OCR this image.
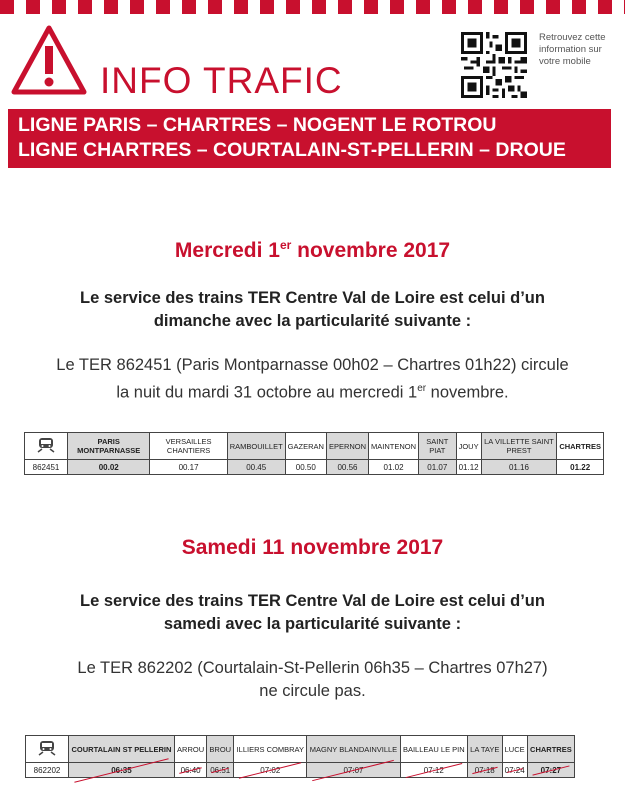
INFO TRAFIC
Retrouvez cette information sur votre mobile
LIGNE PARIS – CHARTRES – NOGENT LE ROTROU
LIGNE CHARTRES – COURTALAIN-ST-PELLERIN – DROUE
Mercredi 1er novembre 2017
Le service des trains TER Centre Val de Loire est celui d’un
dimanche avec la particularité suivante :
Le TER 862451 (Paris Montparnasse 00h02 – Chartres 01h22) circule
la nuit du mardi 31 octobre au mercredi 1er novembre.
	PARIS MONTPARNASSE	VERSAILLES CHANTIERS	RAMBOUILLET	GAZERAN	EPERNON	MAINTENON	SAINT PIAT	JOUY	LA VILLETTE SAINT PREST	CHARTRES
862451	00.02	00.17	00.45	00.50	00.56	01.02	01.07	01.12	01.16	01.22
Samedi 11 novembre 2017
Le service des trains TER Centre Val de Loire est celui d’un
samedi avec la particularité suivante :
Le TER 862202 (Courtalain-St-Pellerin 06h35 – Chartres 07h27)
ne circule pas.
	COURTALAIN ST PELLERIN	ARROU	BROU	ILLIERS COMBRAY	MAGNY BLANDAINVILLE	BAILLEAU LE PIN	LA TAYE	LUCE	CHARTRES
862202	06:35	06:40	06:51	07:02	07:07	07:12	07:18	07:24	07:27
